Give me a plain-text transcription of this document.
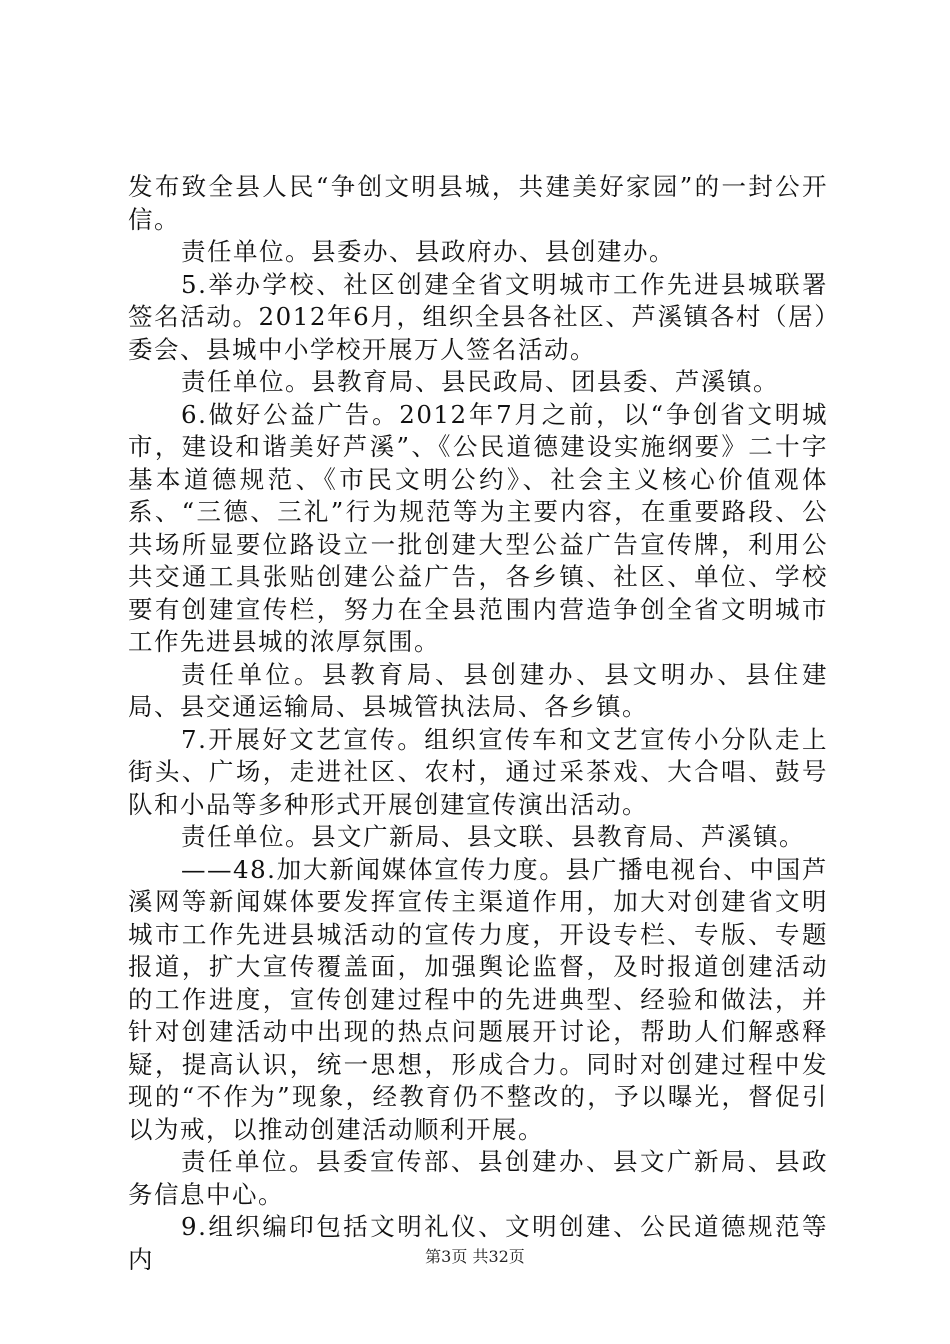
发布致全县人民“争创文明县城，共建美好家园”的一封公开信。

责任单位。县委办、县政府办、县创建办。

5.举办学校、社区创建全省文明城市工作先进县城联署签名活动。2012年6月，组织全县各社区、芦溪镇各村（居）委会、县城中小学校开展万人签名活动。

责任单位。县教育局、县民政局、团县委、芦溪镇。

6.做好公益广告。2012年7月之前，以“争创省文明城市，建设和谐美好芦溪”、《公民道德建设实施纲要》二十字基本道德规范、《市民文明公约》、社会主义核心价值观体系、“三德、三礼”行为规范等为主要内容，在重要路段、公共场所显要位路设立一批创建大型公益广告宣传牌，利用公共交通工具张贴创建公益广告，各乡镇、社区、单位、学校要有创建宣传栏，努力在全县范围内营造争创全省文明城市工作先进县城的浓厚氛围。

责任单位。县教育局、县创建办、县文明办、县住建局、县交通运输局、县城管执法局、各乡镇。

7.开展好文艺宣传。组织宣传车和文艺宣传小分队走上街头、广场，走进社区、农村，通过采茶戏、大合唱、鼓号队和小品等多种形式开展创建宣传演出活动。

责任单位。县文广新局、县文联、县教育局、芦溪镇。

——48.加大新闻媒体宣传力度。县广播电视台、中国芦溪网等新闻媒体要发挥宣传主渠道作用，加大对创建省文明城市工作先进县城活动的宣传力度，开设专栏、专版、专题报道，扩大宣传覆盖面，加强舆论监督，及时报道创建活动的工作进度，宣传创建过程中的先进典型、经验和做法，并针对创建活动中出现的热点问题展开讨论，帮助人们解惑释疑，提高认识，统一思想，形成合力。同时对创建过程中发现的“不作为”现象，经教育仍不整改的，予以曝光，督促引以为戒，以推动创建活动顺利开展。

责任单位。县委宣传部、县创建办、县文广新局、县政务信息中心。

9.组织编印包括文明礼仪、文明创建、公民道德规范等内	第3页 共32页
